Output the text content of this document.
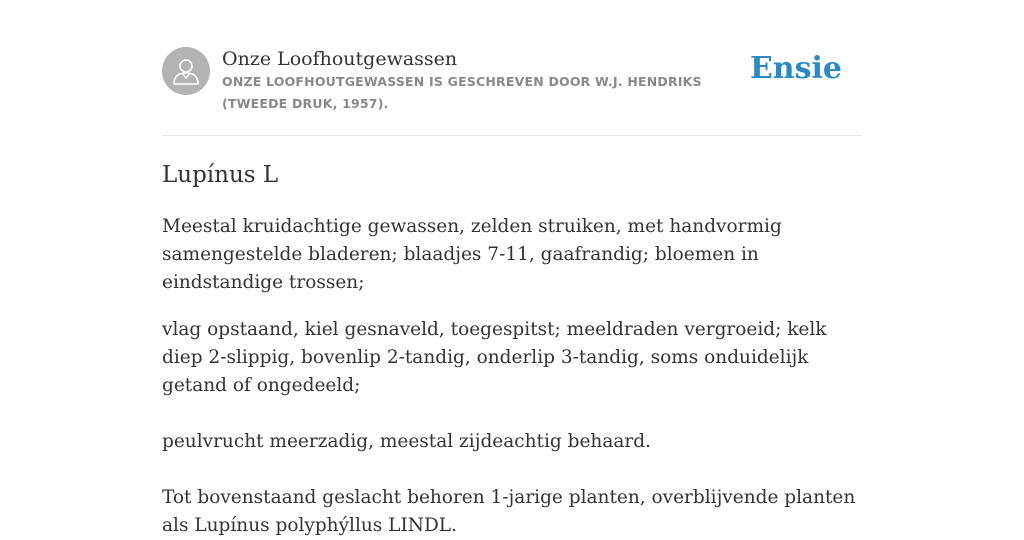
Onze Loofhoutgewassen
ONZE LOOFHOUTGEWASSEN IS GESCHREVEN DOOR W.J. HENDRIKS (TWEEDE DRUK, 1957).
Ensie
Lupínus L

Meestal kruidachtige gewassen, zelden struiken, met handvormig samengestelde bladeren; blaadjes 7-11, gaafrandig; bloemen in eindstandige trossen;

vlag opstaand, kiel gesnaveld, toegespitst; meeldraden vergroeid; kelk diep 2-slippig, bovenlip 2-tandig, onderlip 3-tandig, soms onduidelijk getand of ongedeeld;

peulvrucht meerzadig, meestal zijdeachtig behaard.

Tot bovenstaand geslacht behoren 1-jarige planten, overblijvende planten als Lupínus polyphýllus LINDL.
